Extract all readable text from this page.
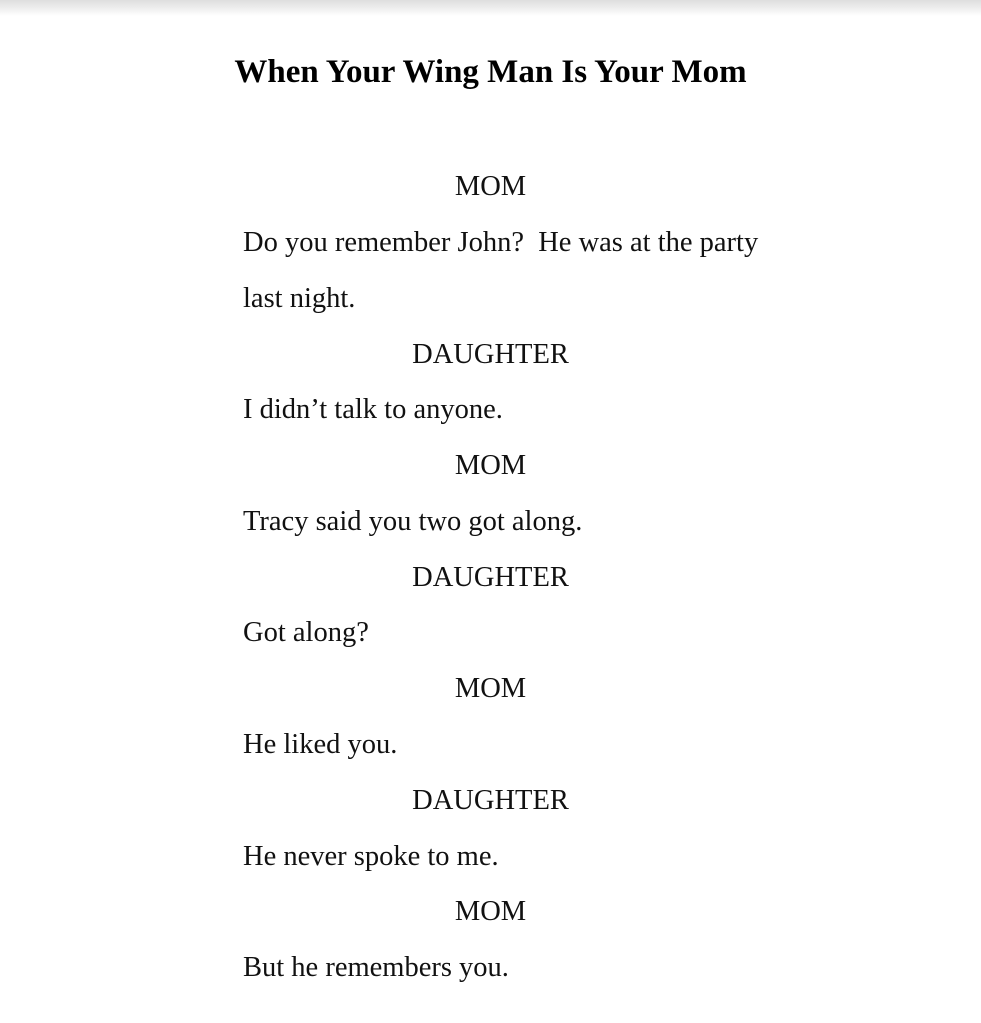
When Your Wing Man Is Your Mom
MOM
Do you remember John?  He was at the party
last night.
DAUGHTER
I didn’t talk to anyone.
MOM
Tracy said you two got along.
DAUGHTER
Got along?
MOM
He liked you.
DAUGHTER
He never spoke to me.
MOM
But he remembers you.
